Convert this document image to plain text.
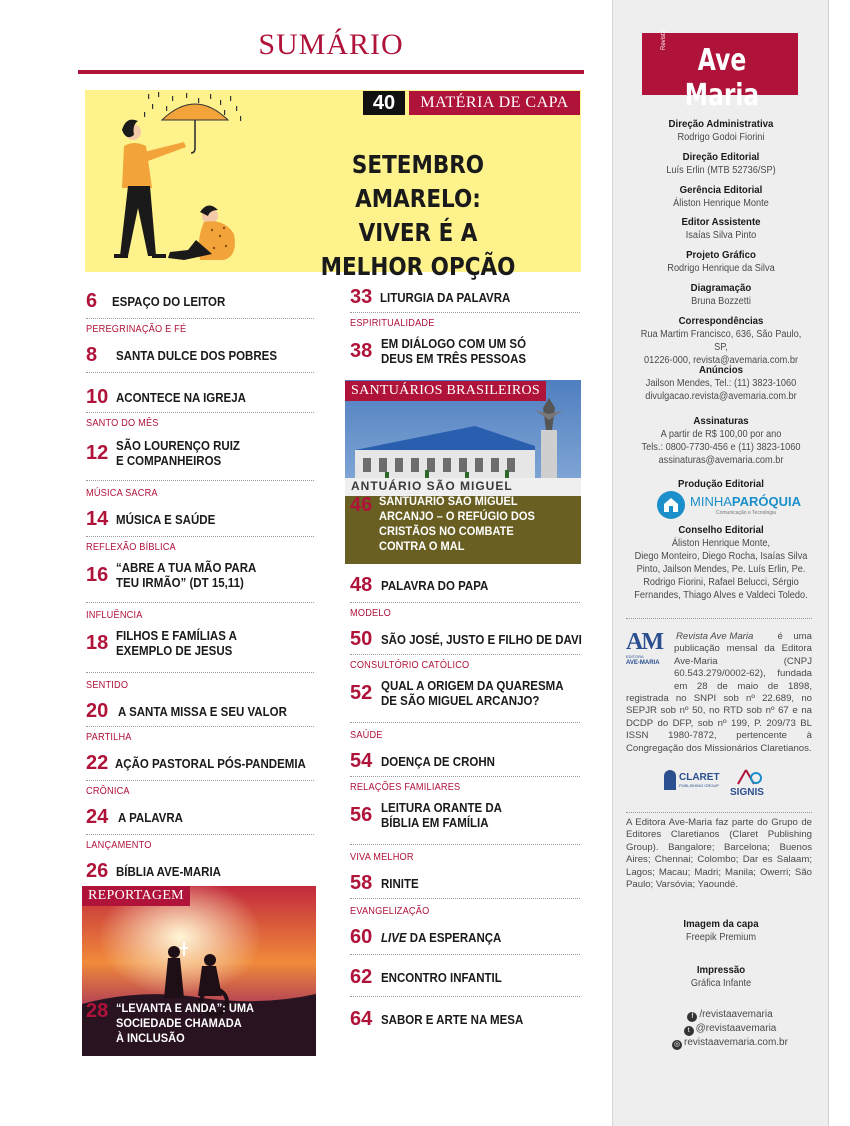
SUMÁRIO
40	MATÉRIA DE CAPA
SETEMBRO AMARELO:
VIVER É A
MELHOR OPÇÃO
6 ESPAÇO DO LEITOR
PEREGRINAÇÃO E FÉ
8 SANTA DULCE DOS POBRES
10 ACONTECE NA IGREJA
SANTO DO MÊS
12 SÃO LOURENÇO RUIZ
E COMPANHEIROS
MÚSICA SACRA
14 MÚSICA E SAÚDE
REFLEXÃO BÍBLICA
16 “ABRE A TUA MÃO PARA
TEU IRMÃO” (DT 15,11)
INFLUÊNCIA
18 FILHOS E FAMÍLIAS A
EXEMPLO DE JESUS
SENTIDO
20 A SANTA MISSA E SEU VALOR
PARTILHA
22 AÇÃO PASTORAL PÓS-PANDEMIA
CRÔNICA
24 A PALAVRA
LANÇAMENTO
26 BÍBLIA AVE-MARIA
REPORTAGEM
28 “LEVANTA E ANDA”: UMA
SOCIEDADE CHAMADA
À INCLUSÃO
33 LITURGIA DA PALAVRA
ESPIRITUALIDADE
38 EM DIÁLOGO COM UM SÓ
DEUS EM TRÊS PESSOAS
ANTUÁRIO SÃO MIGUEL
SANTUÁRIOS BRASILEIROS
46 SANTUÁRIO SÃO MIGUEL
ARCANJO – O REFÚGIO DOS
CRISTÃOS NO COMBATE
CONTRA O MAL
48 PALAVRA DO PAPA
MODELO
50 SÃO JOSÉ, JUSTO E FILHO DE DAVI
CONSULTÓRIO CATÓLICO
52 QUAL A ORIGEM DA QUARESMA
DE SÃO MIGUEL ARCANJO?
SAÚDE
54 DOENÇA DE CROHN
RELAÇÕES FAMILIARES
56 LEITURA ORANTE DA
BÍBLIA EM FAMÍLIA
VIVA MELHOR
58 RINITE
EVANGELIZAÇÃO
60 LIVE DA ESPERANÇA
62 ENCONTRO INFANTIL
64 SABOR E ARTE NA MESA
Revista
Ave Maria
Direção Administrativa
Rodrigo Godoi Fiorini
Direção Editorial
Luís Erlin (MTB 52736/SP)
Gerência Editorial
Áliston Henrique Monte
Editor Assistente
Isaías Silva Pinto
Projeto Gráfico
Rodrigo Henrique da Silva
Diagramação
Bruna Bozzetti
Correspondências
Rua Martim Francisco, 636, São Paulo, SP,
01226-000, revista@avemaria.com.br
Anúncios
Jailson Mendes, Tel.: (11) 3823-1060
divulgacao.revista@avemaria.com.br
Assinaturas
A partir de R$ 100,00 por ano
Tels.: 0800-7730-456 e (11) 3823-1060
assinaturas@avemaria.com.br
Produção Editorial
MINHAPARÓQUIA
Comunicação e Tecnologia
Conselho Editorial
Áliston Henrique Monte,
Diego Monteiro, Diego Rocha, Isaías Silva
Pinto, Jailson Mendes, Pe. Luís Erlin, Pe.
Rodrigo Fiorini, Rafael Belucci, Sérgio
Fernandes, Thiago Alves e Valdeci Toledo.
AM
EDITORA
AVE-MARIA
Revista Ave Maria	é uma publicação mensal da Editora Ave-Maria (CNPJ 60.543.279/0002-62), fundada em 28 de maio de 1898, registrada no SNPI sob nº 22.689, no SEPJR sob nº 50, no RTD sob nº 67 e na DCDP do DFP, sob nº 199, P. 209/73 BL ISSN 1980-7872, pertencente à Congregação dos Missionários Claretianos.
CLARET
PUBLISHING GROUP
SIGNIS
A Editora Ave-Maria faz parte do Grupo de Editores Claretianos (Claret Publishing Group). Bangalore; Barcelona; Buenos Aires; Chennai; Colombo; Dar es Salaam; Lagos; Macau; Madri; Manila; Owerri; São Paulo; Varsóvia; Yaoundé.
Imagem da capa
Freepik Premium
Impressão
Gráfica Infante
f /revistaavemaria
t @revistaavemaria
◎ revistaavemaria.com.br
